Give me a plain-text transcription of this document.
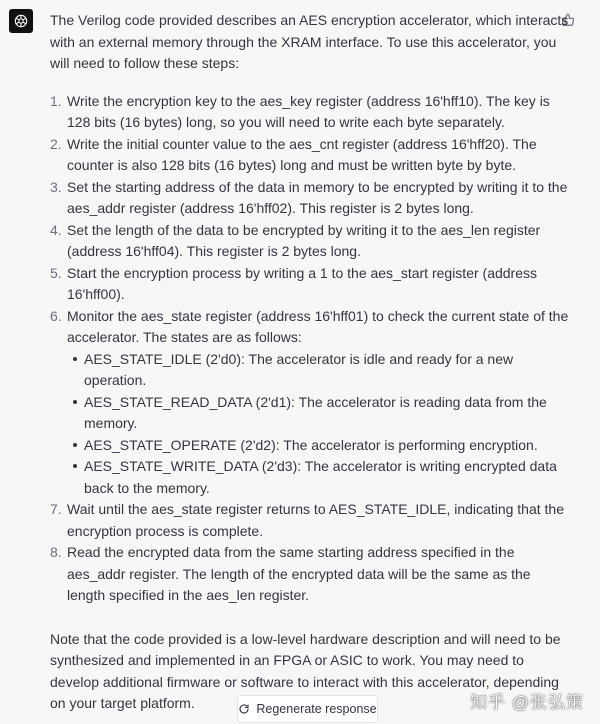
The Verilog code provided describes an AES encryption accelerator, which interacts with an external memory through the XRAM interface. To use this accelerator, you will need to follow these steps:

1. Write the encryption key to the aes_key register (address 16'hff10). The key is 128 bits (16 bytes) long, so you will need to write each byte separately.
2. Write the initial counter value to the aes_cnt register (address 16'hff20). The counter is also 128 bits (16 bytes) long and must be written byte by byte.
3. Set the starting address of the data in memory to be encrypted by writing it to the aes_addr register (address 16'hff02). This register is 2 bytes long.
4. Set the length of the data to be encrypted by writing it to the aes_len register (address 16'hff04). This register is 2 bytes long.
5. Start the encryption process by writing a 1 to the aes_start register (address 16'hff00).
6. Monitor the aes_state register (address 16'hff01) to check the current state of the accelerator. The states are as follows:
AES_STATE_IDLE (2'd0): The accelerator is idle and ready for a new operation.
AES_STATE_READ_DATA (2'd1): The accelerator is reading data from the memory.
AES_STATE_OPERATE (2'd2): The accelerator is performing encryption.
AES_STATE_WRITE_DATA (2'd3): The accelerator is writing encrypted data back to the memory.
7. Wait until the aes_state register returns to AES_STATE_IDLE, indicating that the encryption process is complete.
8. Read the encrypted data from the same starting address specified in the aes_addr register. The length of the encrypted data will be the same as the length specified in the aes_len register.

Note that the code provided is a low-level hardware description and will need to be synthesized and implemented in an FPGA or ASIC to work. You may need to develop additional firmware or software to interact with this accelerator, depending on your target platform.	Regenerate response	知乎 @张弘策
